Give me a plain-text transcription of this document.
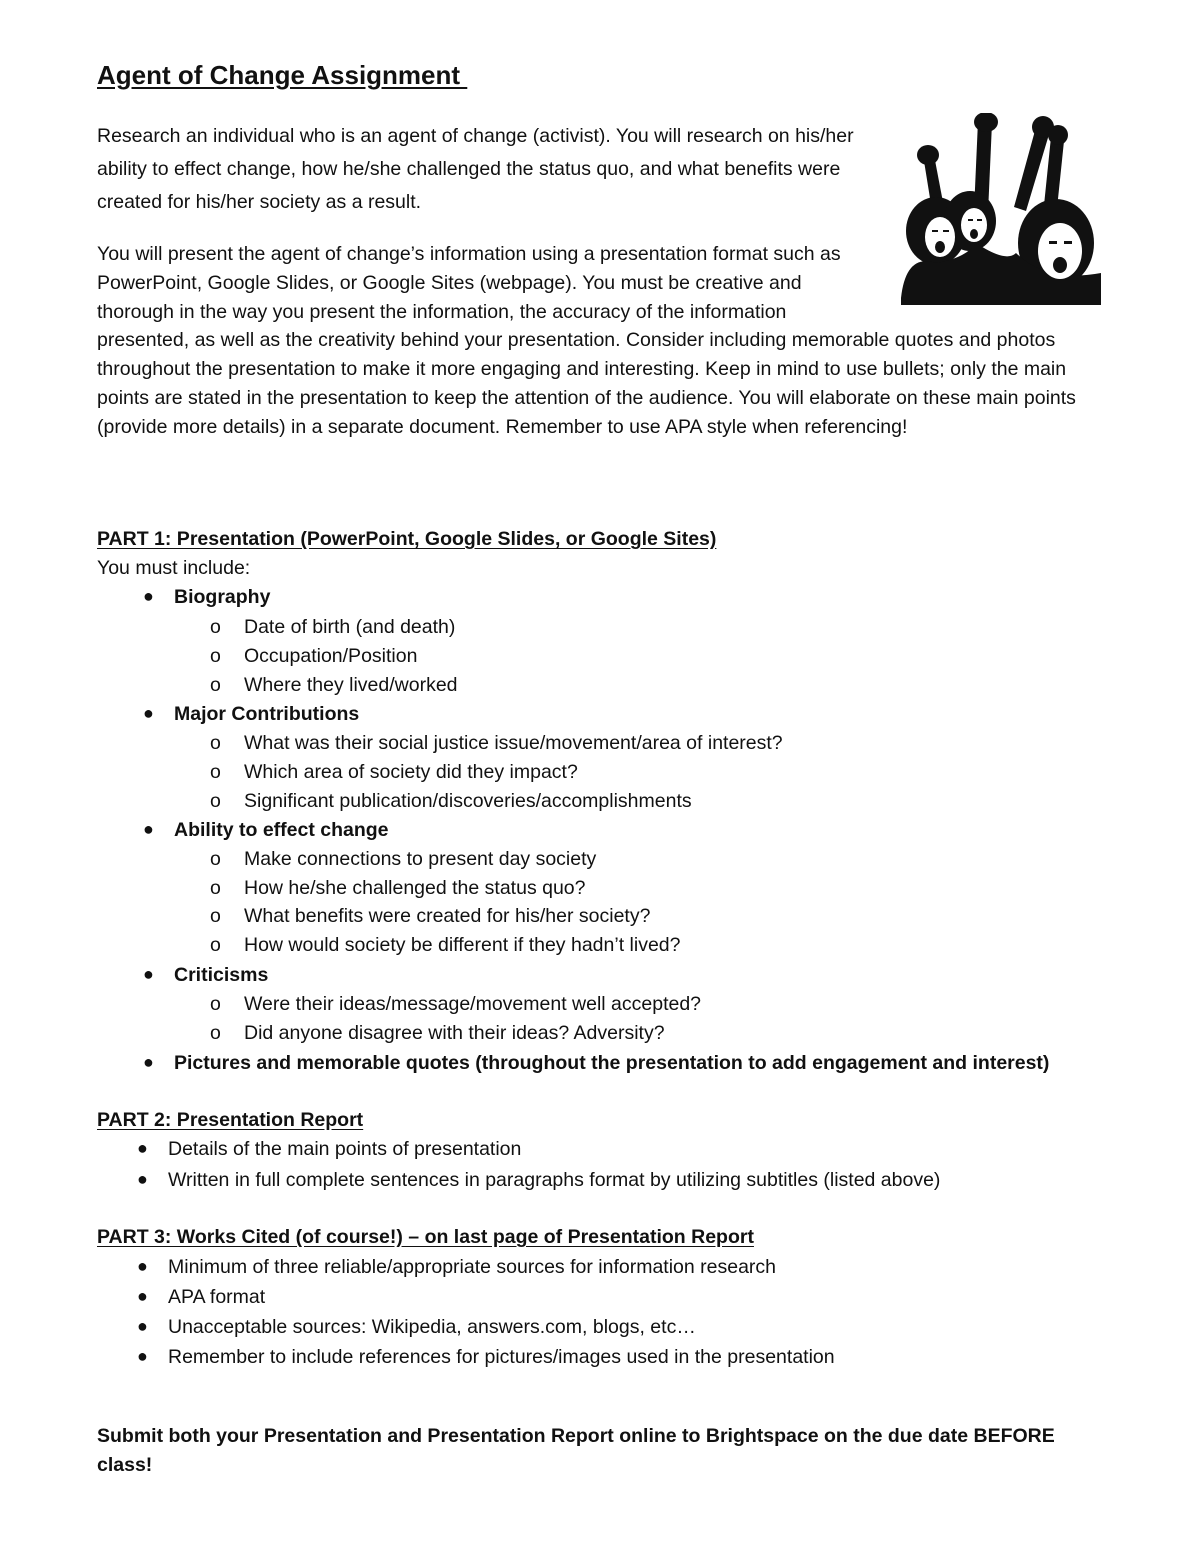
Agent of Change Assignment

Research an individual who is an agent of change (activist). You will research on his/her ability to effect change, how he/she challenged the status quo, and what benefits were created for his/her society as a result.

You will present the agent of change’s information using a presentation format such as PowerPoint, Google Slides, or Google Sites (webpage). You must be creative and thorough in the way you present the information, the accuracy of the information presented, as well as the creativity behind your presentation. Consider including memorable quotes and photos throughout the presentation to make it more engaging and interesting. Keep in mind to use bullets; only the main points are stated in the presentation to keep the attention of the audience. You will elaborate on these main points (provide more details) in a separate document. Remember to use APA style when referencing!
PART 1: Presentation (PowerPoint, Google Slides, or Google Sites)

You must include:

● Biography
o Date of birth (and death)
o Occupation/Position
o Where they lived/worked
● Major Contributions
o What was their social justice issue/movement/area of interest?
o Which area of society did they impact?
o Significant publication/discoveries/accomplishments
● Ability to effect change
o Make connections to present day society
o How he/she challenged the status quo?
o What benefits were created for his/her society?
o How would society be different if they hadn’t lived?
● Criticisms
o Were their ideas/message/movement well accepted?
o Did anyone disagree with their ideas? Adversity?
● Pictures and memorable quotes (throughout the presentation to add engagement and interest)
PART 2: Presentation Report
● Details of the main points of presentation
● Written in full complete sentences in paragraphs format by utilizing subtitles (listed above)
PART 3: Works Cited (of course!) – on last page of Presentation Report
● Minimum of three reliable/appropriate sources for information research
● APA format
● Unacceptable sources: Wikipedia, answers.com, blogs, etc…
● Remember to include references for pictures/images used in the presentation

Submit both your Presentation and Presentation Report online to Brightspace on the due date BEFORE class!
